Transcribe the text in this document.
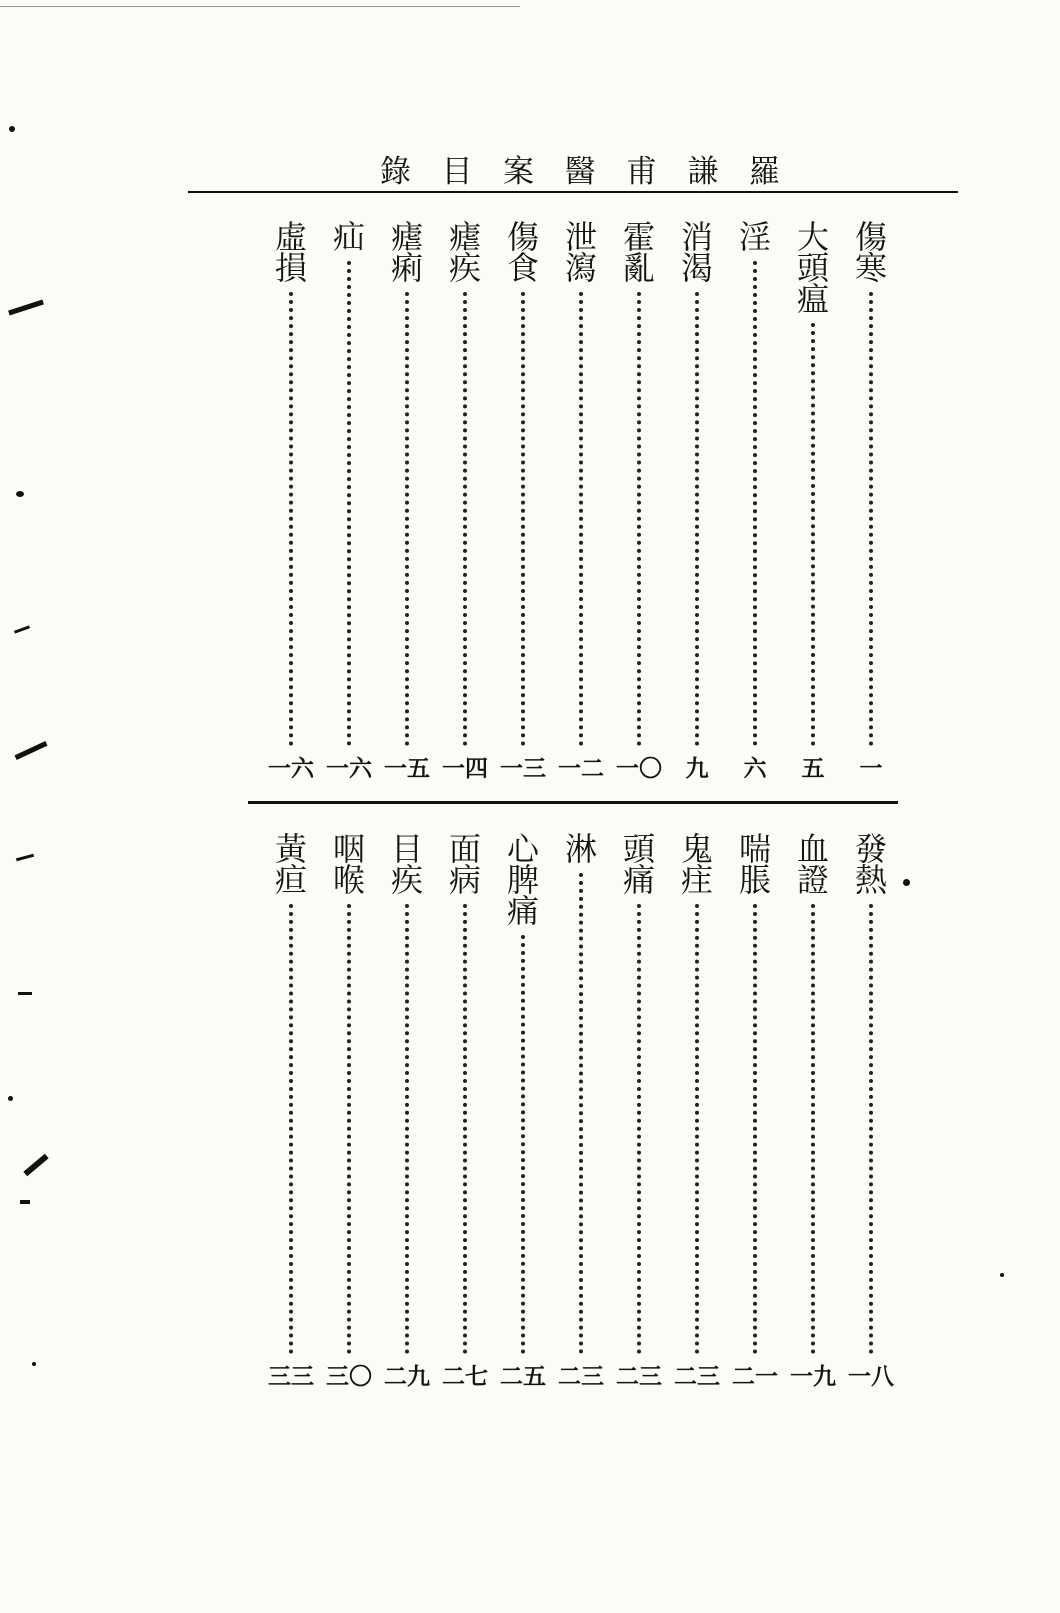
錄 目 案 醫 甫 謙 羅
傷寒
一
大頭瘟
五
淫
六
消渴
九
霍亂
一〇
泄瀉
一二
傷食
一三
瘧疾
一四
瘧痢
一五
疝
一六
虛損
一六
發熱
一八
血證
一九
喘脹
二一
鬼疰
二三
頭痛
二三
淋
二三
心脾痛
二五
面病
二七
目疾
二九
咽喉
三〇
黃疸
三三
